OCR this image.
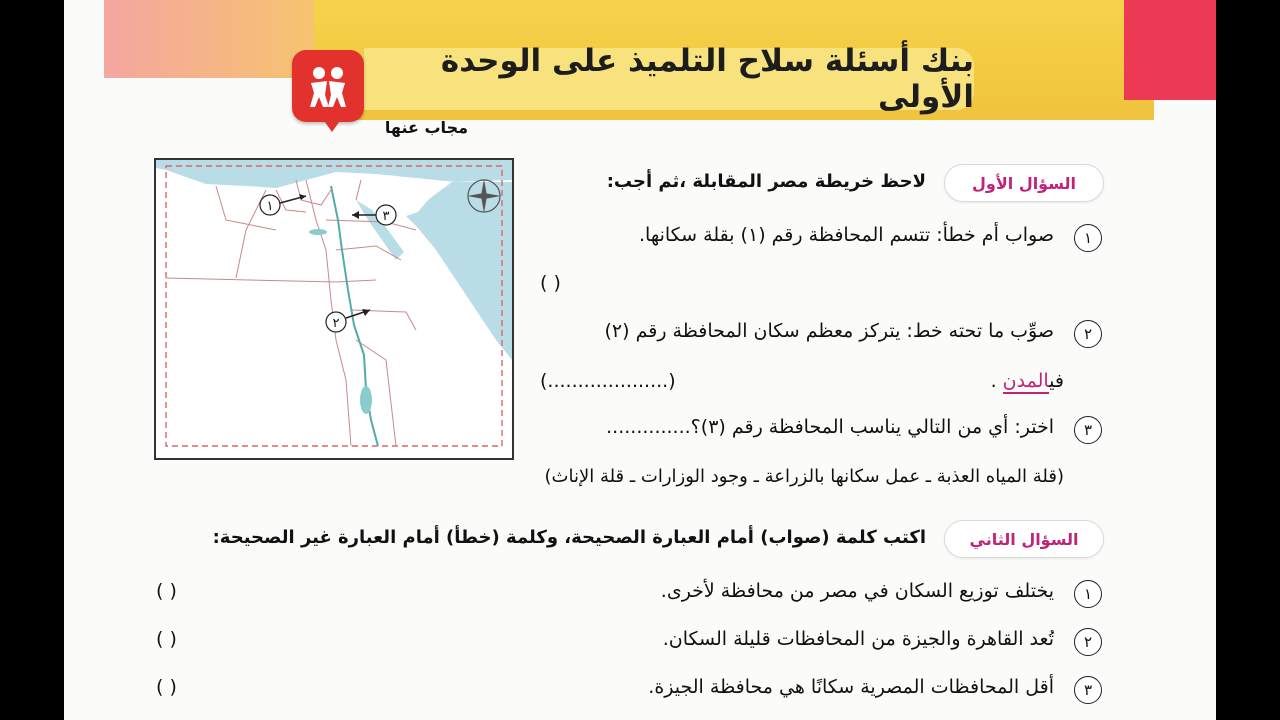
بنك أسئلة سلاح التلميذ على الوحدة الأولى
مجاب عنها
١
٣
٢
السؤال الأول
لاحظ خريطة مصر المقابلة ،ثم أجب:
١
صواب أم خطأ: تتسم المحافظة رقم (١) بقلة سكانها.
( )
٢
صوِّب ما تحته خط: يتركز معظم سكان المحافظة رقم (٢)
فيالمدن .
(....................)
٣
اختر: أي من التالي يناسب المحافظة رقم (٣)؟..............
(قلة المياه العذبة ـ عمل سكانها بالزراعة ـ وجود الوزارات ـ قلة الإناث)
السؤال الثاني
اكتب كلمة (صواب) أمام العبارة الصحيحة، وكلمة (خطأ) أمام العبارة غير الصحيحة:
١
يختلف توزيع السكان في مصر من محافظة لأخرى.
( )
٢
تُعد القاهرة والجيزة من المحافظات قليلة السكان.
( )
٣
أقل المحافظات المصرية سكانًا هي محافظة الجيزة.
( )
